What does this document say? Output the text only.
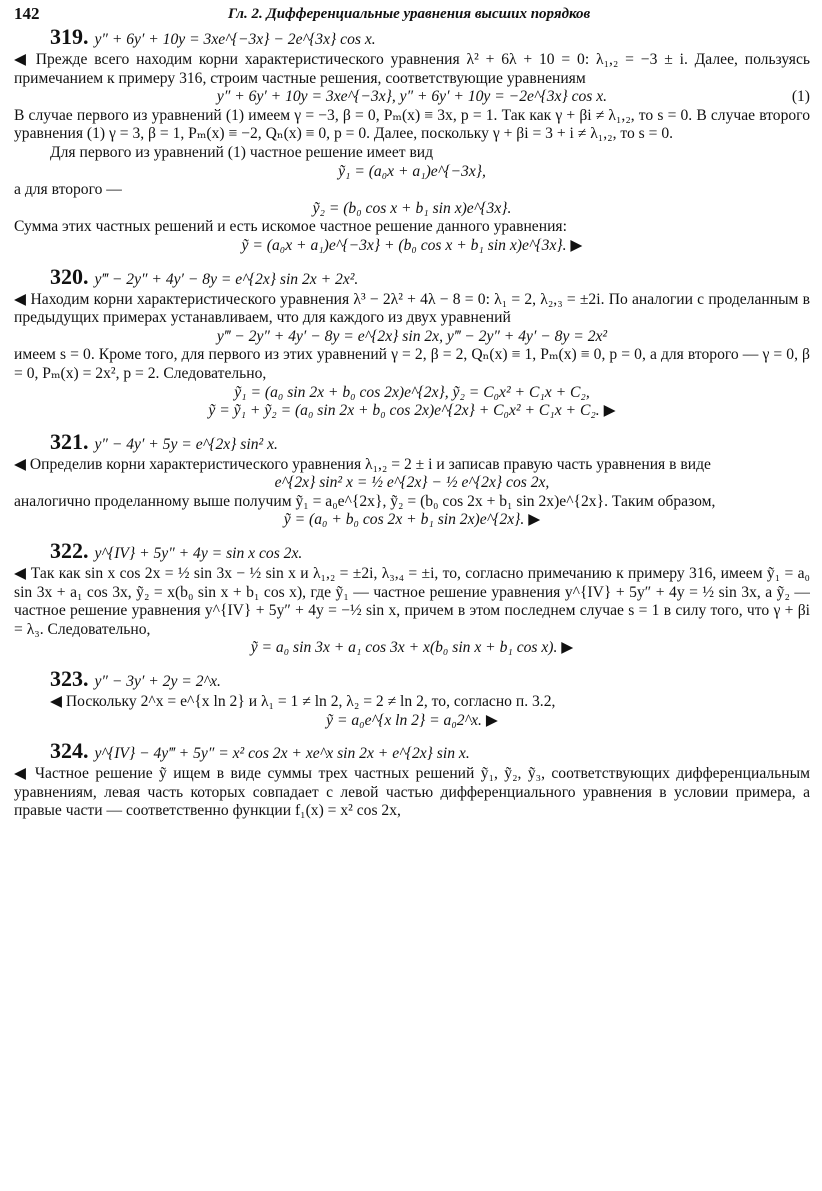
142	Гл. 2. Дифференциальные уравнения высших порядков
319. y″ + 6y′ + 10y = 3xe^{−3x} − 2e^{3x} cos x.
◀ Прежде всего находим корни характеристического уравнения λ² + 6λ + 10 = 0: λ₁,₂ = −3 ± i. Далее, пользуясь примечанием к примеру 316, строим частные решения, соответствующие уравнениям
y″ + 6y′ + 10y = 3xe^{−3x}, y″ + 6y′ + 10y = −2e^{3x} cos x.	(1)
В случае первого из уравнений (1) имеем γ = −3, β = 0, Pₘ(x) ≡ 3x, p = 1. Так как γ + βi ≠ λ₁,₂, то s = 0. В случае второго уравнения (1) γ = 3, β = 1, Pₘ(x) ≡ −2, Qₙ(x) ≡ 0, p = 0. Далее, поскольку γ + βi = 3 + i ≠ λ₁,₂, то s = 0.
Для первого из уравнений (1) частное решение имеет вид
ỹ₁ = (a₀x + a₁)e^{−3x},
а для второго —
ỹ₂ = (b₀ cos x + b₁ sin x)e^{3x}.
Сумма этих частных решений и есть искомое частное решение данного уравнения:
ỹ = (a₀x + a₁)e^{−3x} + (b₀ cos x + b₁ sin x)e^{3x}. ▶
320. y‴ − 2y″ + 4y′ − 8y = e^{2x} sin 2x + 2x².
◀ Находим корни характеристического уравнения λ³ − 2λ² + 4λ − 8 = 0: λ₁ = 2, λ₂,₃ = ±2i. По аналогии с проделанным в предыдущих примерах устанавливаем, что для каждого из двух уравнений
y‴ − 2y″ + 4y′ − 8y = e^{2x} sin 2x, y‴ − 2y″ + 4y′ − 8y = 2x²
имеем s = 0. Кроме того, для первого из этих уравнений γ = 2, β = 2, Qₙ(x) ≡ 1, Pₘ(x) ≡ 0, p = 0, а для второго — γ = 0, β = 0, Pₘ(x) = 2x², p = 2. Следовательно,
ỹ₁ = (a₀ sin 2x + b₀ cos 2x)e^{2x}, ỹ₂ = C₀x² + C₁x + C₂,
ỹ = ỹ₁ + ỹ₂ = (a₀ sin 2x + b₀ cos 2x)e^{2x} + C₀x² + C₁x + C₂. ▶
321. y″ − 4y′ + 5y = e^{2x} sin² x.
◀ Определив корни характеристического уравнения λ₁,₂ = 2 ± i и записав правую часть уравнения в виде
e^{2x} sin² x = ½ e^{2x} − ½ e^{2x} cos 2x,
аналогично проделанному выше получим ỹ₁ = a₀e^{2x}, ỹ₂ = (b₀ cos 2x + b₁ sin 2x)e^{2x}. Таким образом,
ỹ = (a₀ + b₀ cos 2x + b₁ sin 2x)e^{2x}. ▶
322. y^{IV} + 5y″ + 4y = sin x cos 2x.
◀ Так как sin x cos 2x = ½ sin 3x − ½ sin x и λ₁,₂ = ±2i, λ₃,₄ = ±i, то, согласно примечанию к примеру 316, имеем ỹ₁ = a₀ sin 3x + a₁ cos 3x, ỹ₂ = x(b₀ sin x + b₁ cos x), где ỹ₁ — частное решение уравнения y^{IV} + 5y″ + 4y = ½ sin 3x, а ỹ₂ — частное решение уравнения y^{IV} + 5y″ + 4y = −½ sin x, причем в этом последнем случае s = 1 в силу того, что γ + βi = λ₃. Следовательно,
ỹ = a₀ sin 3x + a₁ cos 3x + x(b₀ sin x + b₁ cos x). ▶
323. y″ − 3y′ + 2y = 2^x.
◀ Поскольку 2^x = e^{x ln 2} и λ₁ = 1 ≠ ln 2, λ₂ = 2 ≠ ln 2, то, согласно п. 3.2,
ỹ = a₀e^{x ln 2} = a₀2^x. ▶
324. y^{IV} − 4y‴ + 5y″ = x² cos 2x + xe^x sin 2x + e^{2x} sin x.
◀ Частное решение ỹ ищем в виде суммы трех частных решений ỹ₁, ỹ₂, ỹ₃, соответствующих дифференциальным уравнениям, левая часть которых совпадает с левой частью дифференциального уравнения в условии примера, а правые части — соответственно функции f₁(x) = x² cos 2x,
